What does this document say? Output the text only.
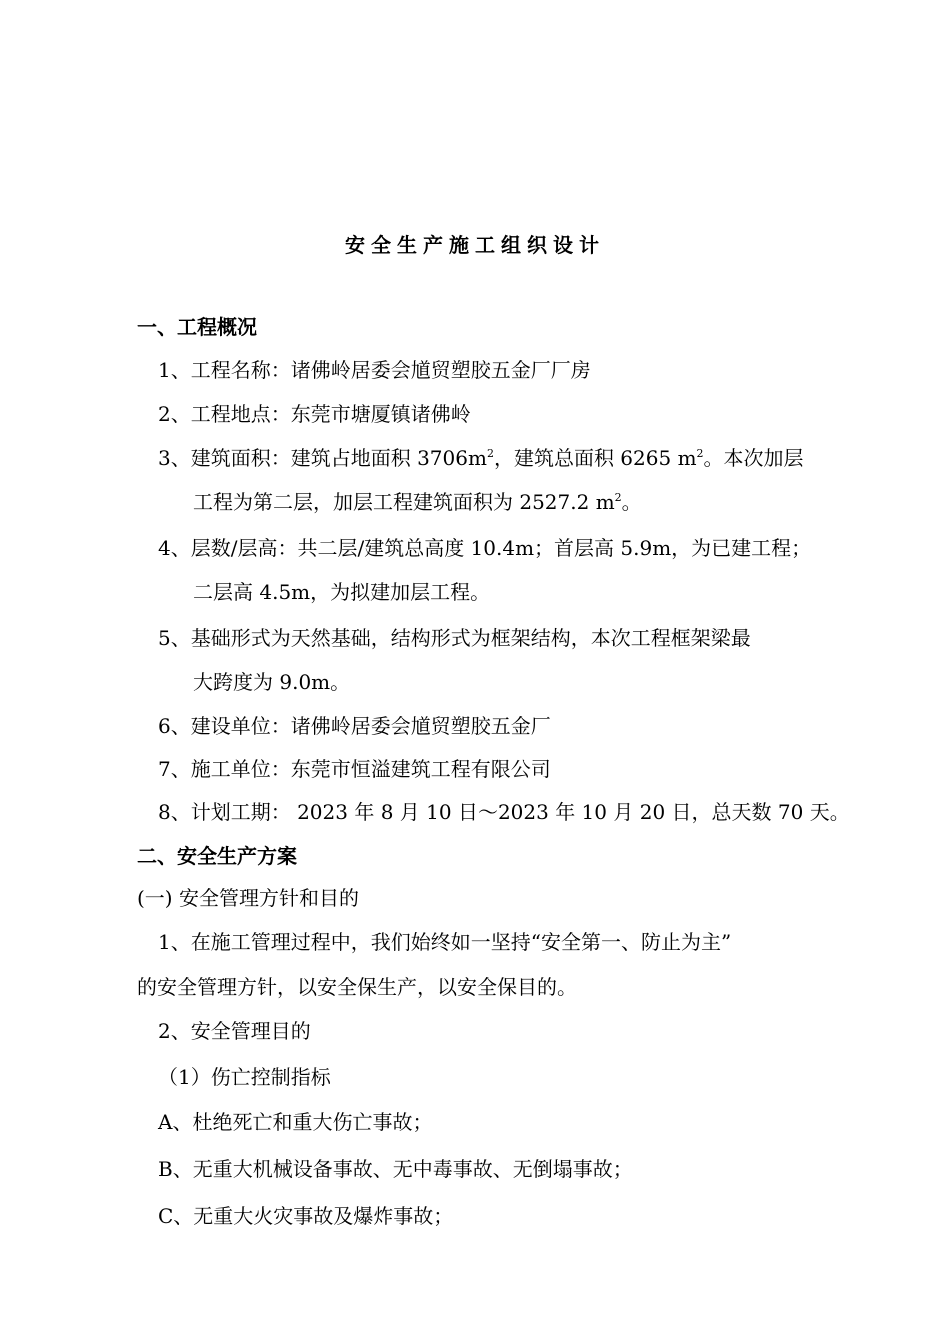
安全生产施工组织设计
一、工程概况
1、工程名称：诸佛岭居委会馗贸塑胶五金厂厂房
2、工程地点：东莞市塘厦镇诸佛岭
3、建筑面积：建筑占地面积 $3706m^2$，建筑总面积 6265 $m^2$。本次加层
工程为第二层，加层工程建筑面积为 2527.2 $m^2$。
4、层数/层高：共二层/建筑总高度 10.4m；首层高 5.9m，为已建工程；
二层高 4.5m，为拟建加层工程。
5、基础形式为天然基础，结构形式为框架结构，本次工程框架梁最
大跨度为 9.0m。
6、建设单位：诸佛岭居委会馗贸塑胶五金厂
7、施工单位：东莞市恒溢建筑工程有限公司
8、计划工期： 2023 年 8 月 10 日～2023 年 10 月 20 日，总天数 70 天。
二、安全生产方案
(一) 安全管理方针和目的
1、在施工管理过程中，我们始终如一坚持“安全第一、防止为主”
的安全管理方针，以安全保生产，以安全保目的。
2、安全管理目的
（1）伤亡控制指标
A、杜绝死亡和重大伤亡事故；
B、无重大机械设备事故、无中毒事故、无倒塌事故；
C、无重大火灾事故及爆炸事故；
